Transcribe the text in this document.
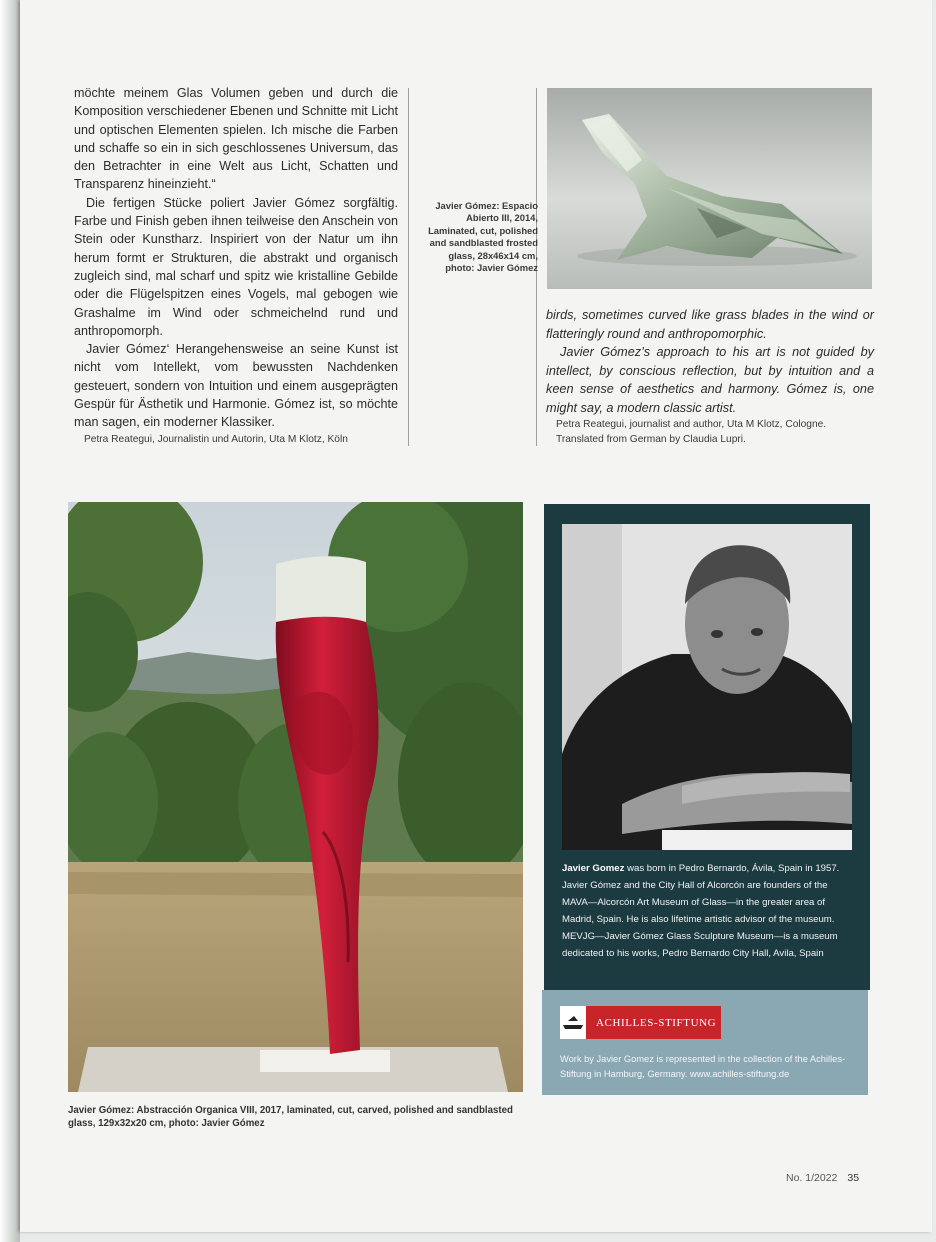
möchte meinem Glas Volumen geben und durch die Komposition verschiedener Ebenen und Schnitte mit Licht und optischen Elementen spielen. Ich mische die Farben und schaffe so ein in sich geschlossenes Universum, das den Betrachter in eine Welt aus Licht, Schatten und Transparenz hineinzieht.“

Die fertigen Stücke poliert Javier Gómez sorgfältig. Farbe und Finish geben ihnen teilweise den Anschein von Stein oder Kunstharz. Inspiriert von der Natur um ihn herum formt er Strukturen, die abstrakt und organisch zugleich sind, mal scharf und spitz wie kristalline Gebilde oder die Flügelspitzen eines Vogels, mal gebogen wie Grashalme im Wind oder schmeichelnd rund und anthropomorph.

Javier Gómez‘ Herangehensweise an seine Kunst ist nicht vom Intellekt, vom bewussten Nachdenken gesteuert, sondern von Intuition und einem ausgeprägten Gespür für Ästhetik und Harmonie. Gómez ist, so möchte man sagen, ein moderner Klassiker.

Petra Reategui, Journalistin und Autorin, Uta M Klotz, Köln

Javier Gómez: Espacio Abierto III, 2014, Laminated, cut, polished and sandblasted frosted glass, 28x46x14 cm, photo: Javier Gómez

birds, sometimes curved like grass blades in the wind or flatteringly round and anthropomorphic.

Javier Gómez’s approach to his art is not guided by intellect, by conscious reflection, but by intuition and a keen sense of aesthetics and harmony. Gómez is, one might say, a modern classic artist.

Petra Reategui, journalist and author, Uta M Klotz, Cologne.

Translated from German by Claudia Lupri.

Javier Gómez: Abstracción Organica VIII, 2017, laminated, cut, carved, polished and sandblasted glass, 129x32x20 cm, photo: Javier Gómez
Javier Gomez was born in Pedro Bernardo, Ávila, Spain in 1957. Javier Gómez and the City Hall of Alcorcón are founders of the MAVA—Alcorcón Art Museum of Glass—in the greater area of Madrid, Spain. He is also lifetime artistic advisor of the museum.
MEVJG—Javier Gómez Glass Sculpture Museum—is a museum dedicated to his works, Pedro Bernardo City Hall, Avila, Spain
ACHILLES-STIFTUNG
Work by Javier Gomez is represented in the collection of the Achilles-Stiftung in Hamburg, Germany. www.achilles-stiftung.de
No. 1/2022 35
